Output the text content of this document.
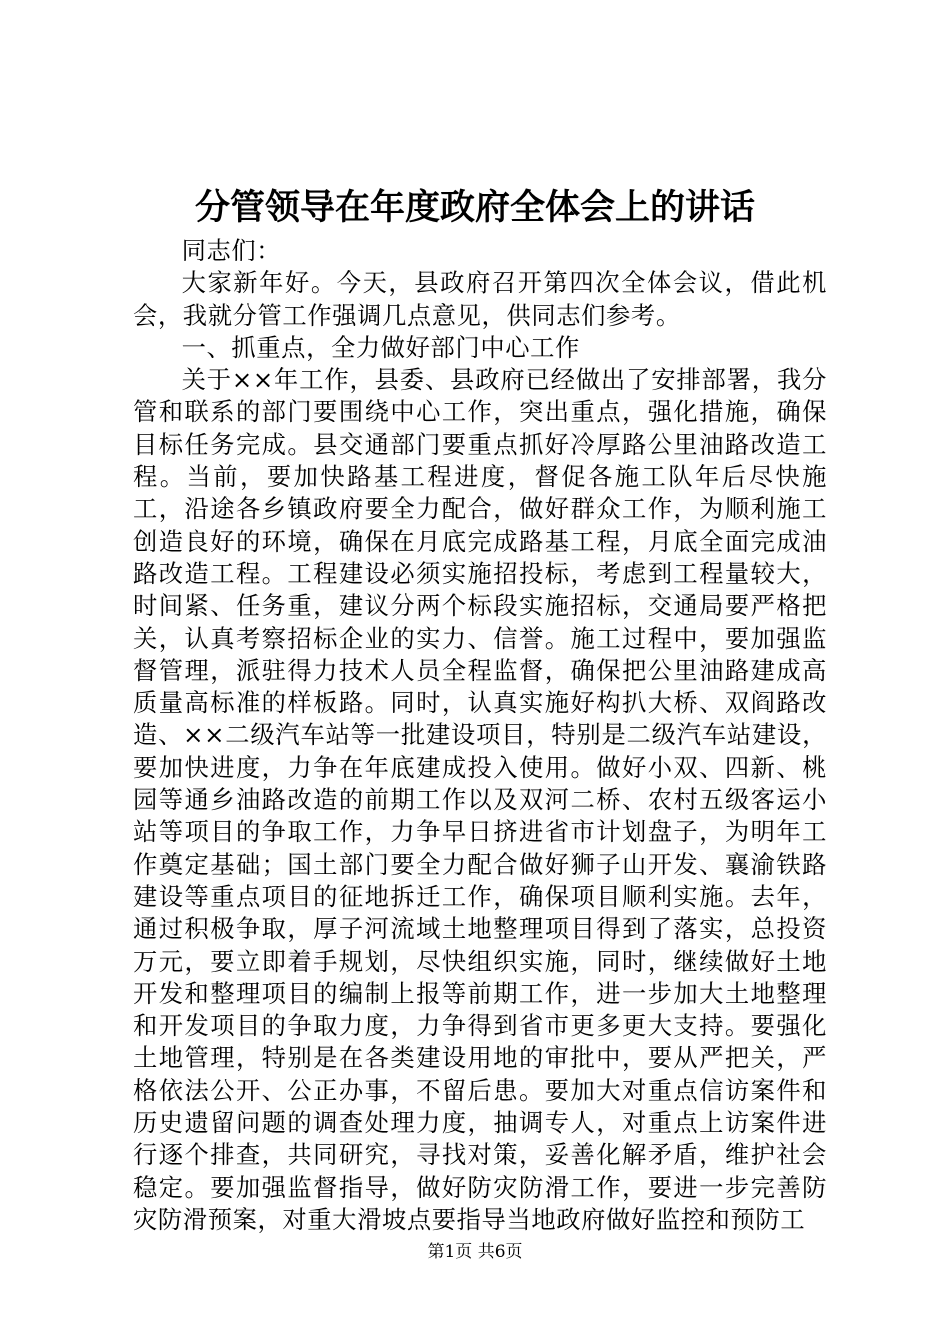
分管领导在年度政府全体会上的讲话

同志们：

大家新年好。今天，县政府召开第四次全体会议，借此机会，我就分管工作强调几点意见，供同志们参考。

一、抓重点，全力做好部门中心工作

关于××年工作，县委、县政府已经做出了安排部署，我分管和联系的部门要围绕中心工作，突出重点，强化措施，确保目标任务完成。县交通部门要重点抓好冷厚路公里油路改造工程。当前，要加快路基工程进度，督促各施工队年后尽快施工，沿途各乡镇政府要全力配合，做好群众工作，为顺利施工创造良好的环境，确保在月底完成路基工程，月底全面完成油路改造工程。工程建设必须实施招投标，考虑到工程量较大，时间紧、任务重，建议分两个标段实施招标，交通局要严格把关，认真考察招标企业的实力、信誉。施工过程中，要加强监督管理，派驻得力技术人员全程监督，确保把公里油路建成高质量高标准的样板路。同时，认真实施好构扒大桥、双阎路改造、××二级汽车站等一批建设项目，特别是二级汽车站建设，要加快进度，力争在年底建成投入使用。做好小双、四新、桃园等通乡油路改造的前期工作以及双河二桥、农村五级客运小站等项目的争取工作，力争早日挤进省市计划盘子，为明年工作奠定基础；国土部门要全力配合做好狮子山开发、襄渝铁路建设等重点项目的征地拆迁工作，确保项目顺利实施。去年，通过积极争取，厚子河流域土地整理项目得到了落实，总投资万元，要立即着手规划，尽快组织实施，同时，继续做好土地开发和整理项目的编制上报等前期工作，进一步加大土地整理和开发项目的争取力度，力争得到省市更多更大支持。要强化土地管理，特别是在各类建设用地的审批中，要从严把关，严格依法公开、公正办事，不留后患。要加大对重点信访案件和历史遗留问题的调查处理力度，抽调专人，对重点上访案件进行逐个排查，共同研究，寻找对策，妥善化解矛盾，维护社会稳定。要加强监督指导，做好防灾防滑工作，要进一步完善防灾防滑预案，对重大滑坡点要指导当地政府做好监控和预防工

第1页 共6页
